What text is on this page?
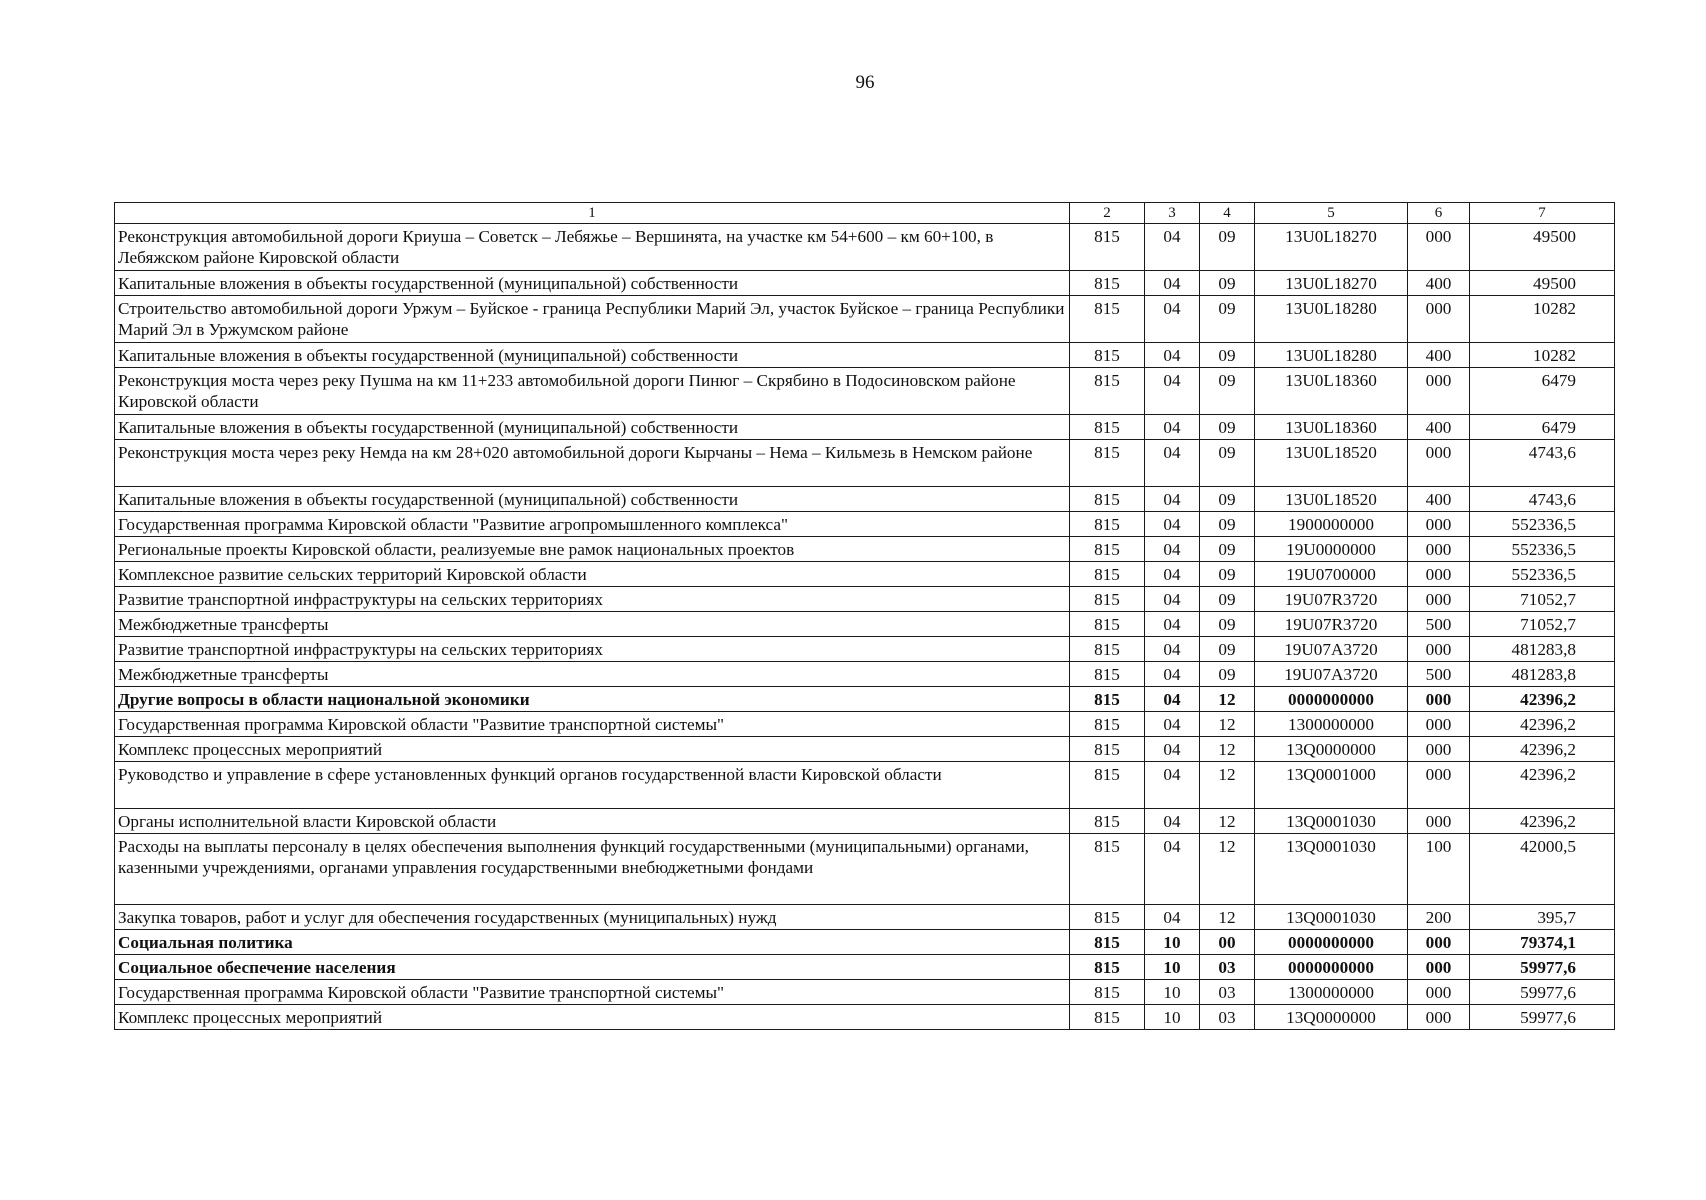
96
1	2	3	4	5	6	7
Реконструкция автомобильной дороги Криуша – Советск – Лебяжье – Вершинята, на участке км 54+600 – км 60+100, в Лебяжском районе Кировской области	815	04	09	13U0L18270	000	49500
Капитальные вложения в объекты государственной (муниципальной) собственности	815	04	09	13U0L18270	400	49500
Строительство автомобильной дороги Уржум – Буйское - граница Республики Марий Эл, участок Буйское – граница Республики Марий Эл в Уржумском районе	815	04	09	13U0L18280	000	10282
Капитальные вложения в объекты государственной (муниципальной) собственности	815	04	09	13U0L18280	400	10282
Реконструкция моста через реку Пушма на км 11+233 автомобильной дороги Пинюг – Скрябино в Подосиновском районе Кировской области	815	04	09	13U0L18360	000	6479
Капитальные вложения в объекты государственной (муниципальной) собственности	815	04	09	13U0L18360	400	6479
Реконструкция моста через реку Немда на км 28+020 автомобильной дороги Кырчаны – Нема – Кильмезь в Немском районе	815	04	09	13U0L18520	000	4743,6
Капитальные вложения в объекты государственной (муниципальной) собственности	815	04	09	13U0L18520	400	4743,6
Государственная программа Кировской области "Развитие агропромышленного комплекса"	815	04	09	1900000000	000	552336,5
Региональные проекты Кировской области, реализуемые вне рамок национальных проектов	815	04	09	19U0000000	000	552336,5
Комплексное развитие сельских территорий Кировской области	815	04	09	19U0700000	000	552336,5
Развитие транспортной инфраструктуры на сельских территориях	815	04	09	19U07R3720	000	71052,7
Межбюджетные трансферты	815	04	09	19U07R3720	500	71052,7
Развитие транспортной инфраструктуры на сельских территориях	815	04	09	19U07A3720	000	481283,8
Межбюджетные трансферты	815	04	09	19U07A3720	500	481283,8
Другие вопросы в области национальной экономики	815	04	12	0000000000	000	42396,2
Государственная программа Кировской области "Развитие транспортной системы"	815	04	12	1300000000	000	42396,2
Комплекс процессных мероприятий	815	04	12	13Q0000000	000	42396,2
Руководство и управление в сфере установленных функций органов государственной власти Кировской области	815	04	12	13Q0001000	000	42396,2
Органы исполнительной власти Кировской области	815	04	12	13Q0001030	000	42396,2
Расходы на выплаты персоналу в целях обеспечения выполнения функций государственными (муниципальными) органами, казенными учреждениями, органами управления государственными внебюджетными фондами	815	04	12	13Q0001030	100	42000,5
Закупка товаров, работ и услуг для обеспечения государственных (муниципальных) нужд	815	04	12	13Q0001030	200	395,7
Социальная политика	815	10	00	0000000000	000	79374,1
Социальное обеспечение населения	815	10	03	0000000000	000	59977,6
Государственная программа Кировской области "Развитие транспортной системы"	815	10	03	1300000000	000	59977,6
Комплекс процессных мероприятий	815	10	03	13Q0000000	000	59977,6
